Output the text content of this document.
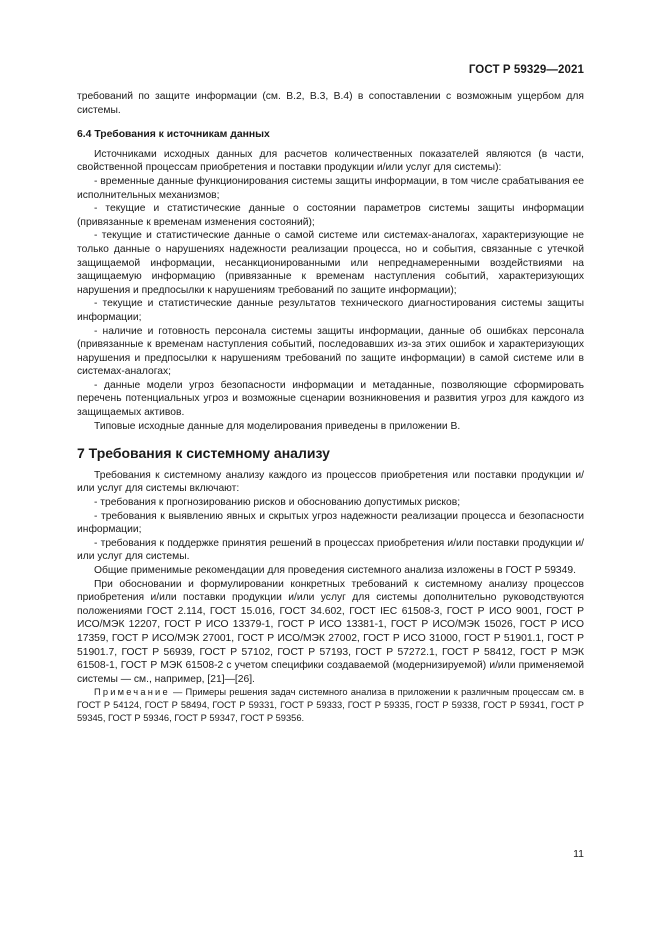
ГОСТ Р 59329—2021

требований по защите информации (см. В.2, В.3, В.4) в сопоставлении с возможным ущербом для системы.

6.4 Требования к источникам данных

Источниками исходных данных для расчетов количественных показателей являются (в части, свойственной процессам приобретения и поставки продукции и/или услуг для системы):

- временные данные функционирования системы защиты информации, в том числе срабатывания ее исполнительных механизмов;

- текущие и статистические данные о состоянии параметров системы защиты информации (привязанные к временам изменения состояний);

- текущие и статистические данные о самой системе или системах-аналогах, характеризующие не только данные о нарушениях надежности реализации процесса, но и события, связанные с утечкой защищаемой информации, несанкционированными или непреднамеренными воздействиями на защищаемую информацию (привязанные к временам наступления событий, характеризующих нарушения и предпосылки к нарушениям требований по защите информации);

- текущие и статистические данные результатов технического диагностирования системы защиты информации;

- наличие и готовность персонала системы защиты информации, данные об ошибках персонала (привязанные к временам наступления событий, последовавших из-за этих ошибок и характеризующих нарушения и предпосылки к нарушениям требований по защите информации) в самой системе или в системах-аналогах;

- данные модели угроз безопасности информации и метаданные, позволяющие сформировать перечень потенциальных угроз и возможные сценарии возникновения и развития угроз для каждого из защищаемых активов.

Типовые исходные данные для моделирования приведены в приложении В.

7 Требования к системному анализу

Требования к системному анализу каждого из процессов приобретения или поставки продукции и/или услуг для системы включают:

- требования к прогнозированию рисков и обоснованию допустимых рисков;

- требования к выявлению явных и скрытых угроз надежности реализации процесса и безопасности информации;

- требования к поддержке принятия решений в процессах приобретения и/или поставки продукции и/или услуг для системы.

Общие применимые рекомендации для проведения системного анализа изложены в ГОСТ Р 59349.

При обосновании и формулировании конкретных требований к системному анализу процессов приобретения и/или поставки продукции и/или услуг для системы дополнительно руководствуются положениями ГОСТ 2.114, ГОСТ 15.016, ГОСТ 34.602, ГОСТ IEC 61508-3, ГОСТ Р ИСО 9001, ГОСТ Р ИСО/МЭК 12207, ГОСТ Р ИСО 13379-1, ГОСТ Р ИСО 13381-1, ГОСТ Р ИСО/МЭК 15026, ГОСТ Р ИСО 17359, ГОСТ Р ИСО/МЭК 27001, ГОСТ Р ИСО/МЭК 27002, ГОСТ Р ИСО 31000, ГОСТ Р 51901.1, ГОСТ Р 51901.7, ГОСТ Р 56939, ГОСТ Р 57102, ГОСТ Р 57193, ГОСТ Р 57272.1, ГОСТ Р 58412, ГОСТ Р МЭК 61508-1, ГОСТ Р МЭК 61508-2 с учетом специфики создаваемой (модернизируемой) и/или применяемой системы — см., например, [21]—[26].

Примечание — Примеры решения задач системного анализа в приложении к различным процессам см. в ГОСТ Р 54124, ГОСТ Р 58494, ГОСТ Р 59331, ГОСТ Р 59333, ГОСТ Р 59335, ГОСТ Р 59338, ГОСТ Р 59341, ГОСТ Р 59345, ГОСТ Р 59346, ГОСТ Р 59347, ГОСТ Р 59356.

11
